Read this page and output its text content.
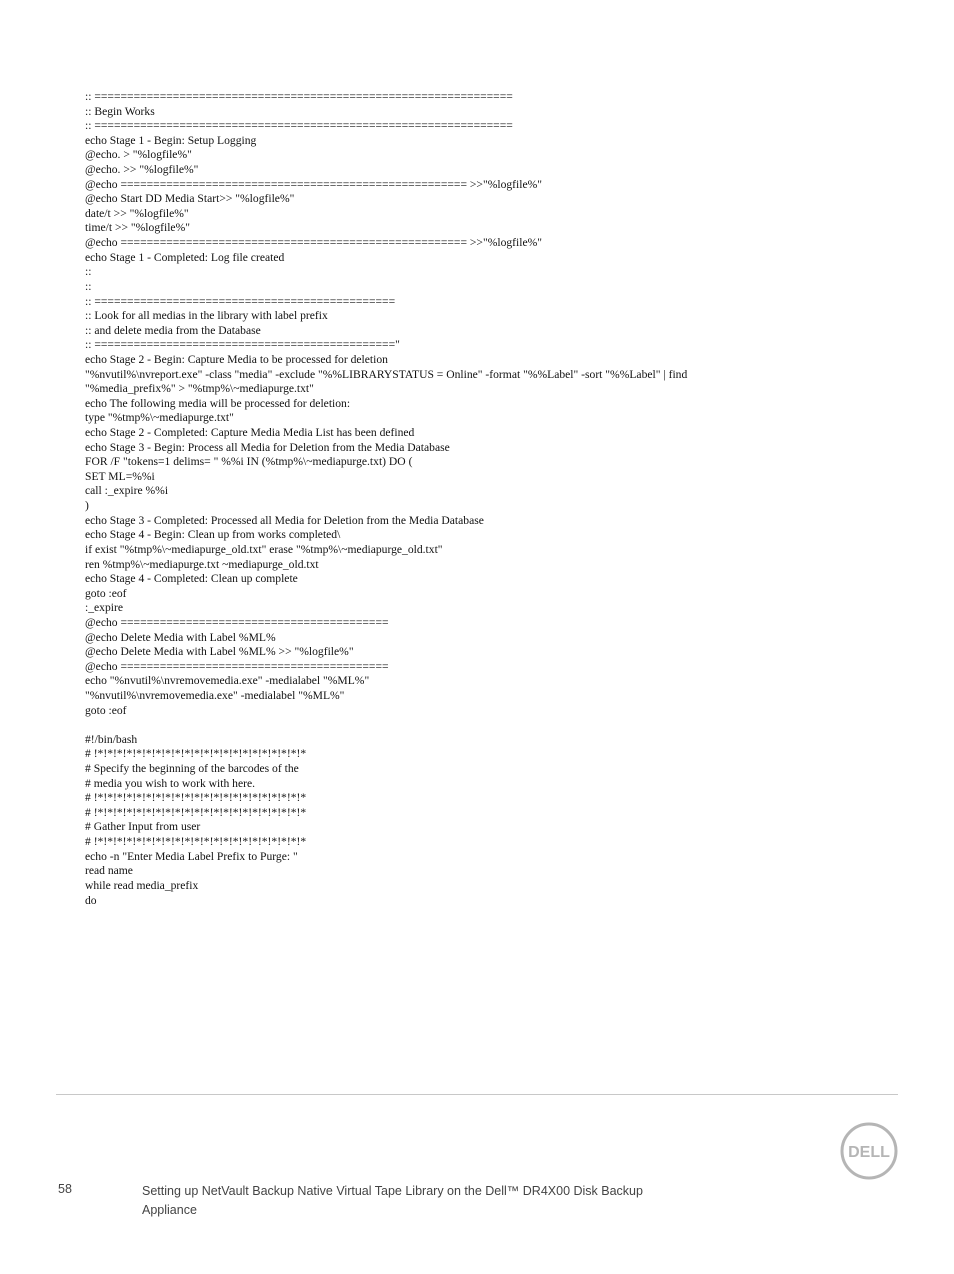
:: ================================================================
:: Begin Works
:: ================================================================
echo Stage 1 - Begin: Setup Logging
@echo. > "%logfile%"
@echo. >> "%logfile%"
@echo ===================================================== >>"%logfile%"
@echo Start DD Media Start>> "%logfile%"
date/t >> "%logfile%"
time/t >> "%logfile%"
@echo ===================================================== >>"%logfile%"
echo Stage 1 - Completed: Log file created
::
::
:: ==============================================
:: Look for all medias in the library with label prefix
:: and delete media from the Database
:: =============================================="
echo Stage 2 - Begin: Capture Media to be processed for deletion
"%nvutil%\nvreport.exe" -class "media" -exclude "%%LIBRARYSTATUS = Online" -format "%%Label" -sort "%%Label" | find
"%media_prefix%" > "%tmp%\~mediapurge.txt"
echo The following media will be processed for deletion:
type "%tmp%\~mediapurge.txt"
echo Stage 2 - Completed: Capture Media Media List has been defined
echo Stage 3 - Begin: Process all Media for Deletion from the Media Database
FOR /F "tokens=1 delims= " %%i IN (%tmp%\~mediapurge.txt) DO (
SET ML=%%i
call :_expire %%i
)
echo Stage 3 - Completed: Processed all Media for Deletion from the Media Database
echo Stage 4 - Begin: Clean up from works completed\
if exist "%tmp%\~mediapurge_old.txt" erase "%tmp%\~mediapurge_old.txt"
ren %tmp%\~mediapurge.txt ~mediapurge_old.txt
echo Stage 4 - Completed: Clean up complete
goto :eof
:_expire
@echo =========================================
@echo Delete Media with Label %ML%
@echo Delete Media with Label %ML% >> "%logfile%"
@echo =========================================
echo "%nvutil%\nvremovemedia.exe" -medialabel "%ML%"
"%nvutil%\nvremovemedia.exe" -medialabel "%ML%"
goto :eof
#!/bin/bash
# !*!*!*!*!*!*!*!*!*!*!*!*!*!*!*!*!*!*!*!*!*!*
# Specify the beginning of the barcodes of the
# media you wish to work with here.
# !*!*!*!*!*!*!*!*!*!*!*!*!*!*!*!*!*!*!*!*!*!*
# !*!*!*!*!*!*!*!*!*!*!*!*!*!*!*!*!*!*!*!*!*!*
# Gather Input from user
# !*!*!*!*!*!*!*!*!*!*!*!*!*!*!*!*!*!*!*!*!*!*
echo -n "Enter Media Label Prefix to Purge: "
read name
while read media_prefix
do
58	Setting up NetVault Backup Native Virtual Tape Library on the Dell™ DR4X00 Disk Backup
Appliance
DELL
